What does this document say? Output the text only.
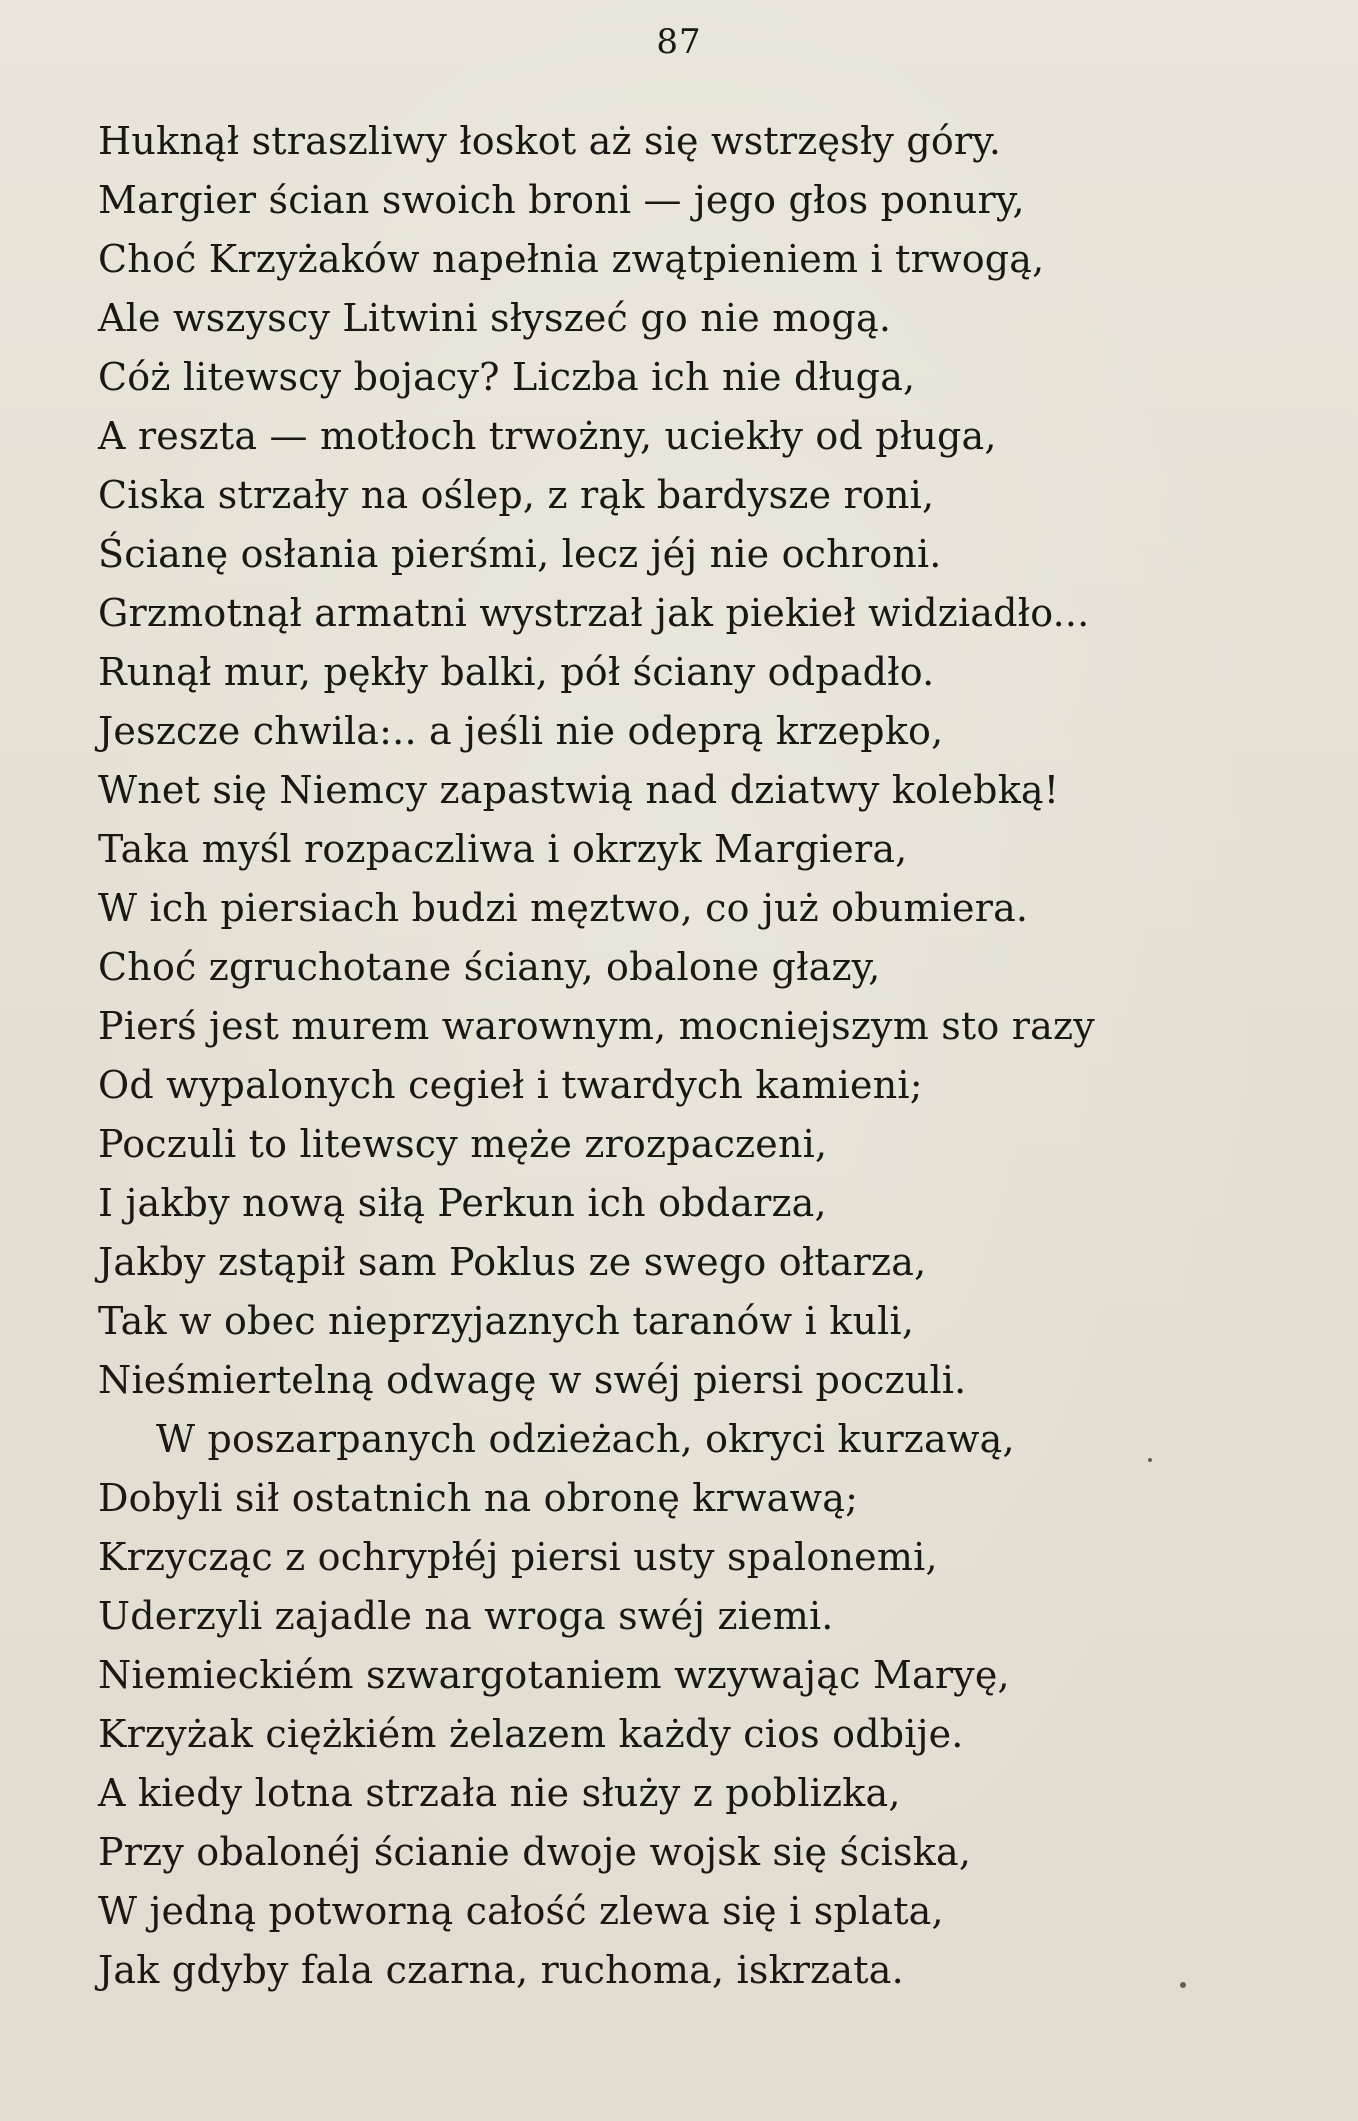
87
Huknął straszliwy łoskot aż się wstrzęsły góry.
Margier ścian swoich broni — jego głos ponury,
Choć Krzyżaków napełnia zwątpieniem i trwogą,
Ale wszyscy Litwini słyszeć go nie mogą.
Cóż litewscy bojacy? Liczba ich nie długa,
A reszta — motłoch trwożny, uciekły od pługa,
Ciska strzały na oślep, z rąk bardysze roni,
Ścianę osłania pierśmi, lecz jéj nie ochroni.
Grzmotnął armatni wystrzał jak piekieł widziadło...
Runął mur, pękły balki, pół ściany odpadło.
Jeszcze chwila:.. a jeśli nie odeprą krzepko,
Wnet się Niemcy zapastwią nad dziatwy kolebką!
Taka myśl rozpaczliwa i okrzyk Margiera,
W ich piersiach budzi męztwo, co już obumiera.
Choć zgruchotane ściany, obalone głazy,
Pierś jest murem warownym, mocniejszym sto razy
Od wypalonych cegieł i twardych kamieni;
Poczuli to litewscy męże zrozpaczeni,
I jakby nową siłą Perkun ich obdarza,
Jakby zstąpił sam Poklus ze swego ołtarza,
Tak w obec nieprzyjaznych taranów i kuli,
Nieśmiertelną odwagę w swéj piersi poczuli.
W poszarpanych odzieżach, okryci kurzawą,
Dobyli sił ostatnich na obronę krwawą;
Krzycząc z ochrypłéj piersi usty spalonemi,
Uderzyli zajadle na wroga swéj ziemi.
Niemieckiém szwargotaniem wzywając Maryę,
Krzyżak ciężkiém żelazem każdy cios odbije.
A kiedy lotna strzała nie służy z poblizka,
Przy obalonéj ścianie dwoje wojsk się ściska,
W jedną potworną całość zlewa się i splata,
Jak gdyby fala czarna, ruchoma, iskrzata.
